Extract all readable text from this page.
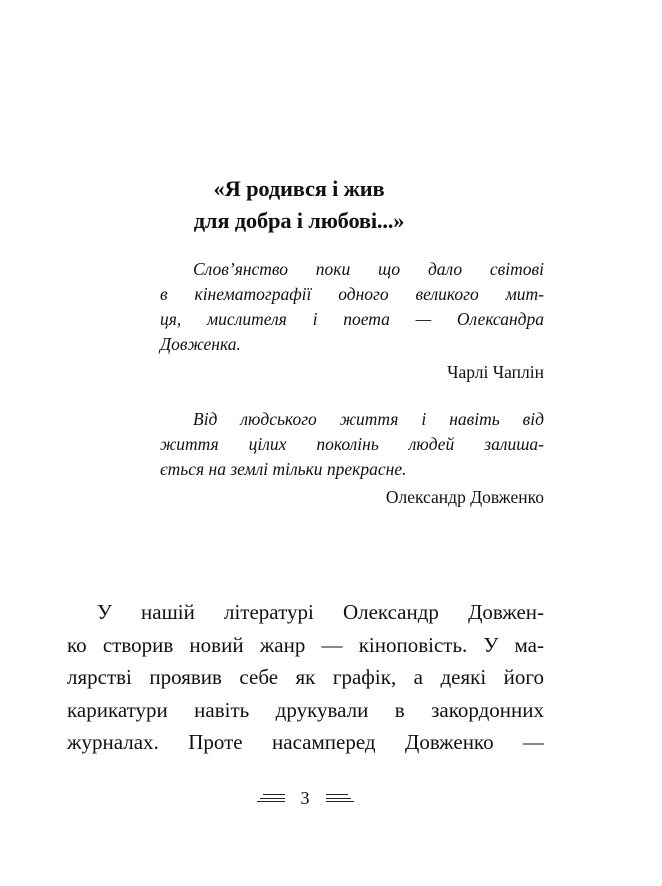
«Я родився і жив
для добра і любові...»
Слов’янство поки що дало світові
в кінематографії одного великого мит-
ця, мислителя і поета — Олександра
Довженка.
Чарлі Чаплін
Від людського життя і навіть від
життя цілих поколінь людей залиша-
ється на землі тільки прекрасне.
Олександр Довженко
У нашій літературі Олександр Довжен-
ко створив новий жанр — кіноповість. У ма-
лярстві проявив себе як графік, а деякі його
карикатури навіть друкували в закордонних
журналах. Проте насамперед Довженко —
3
